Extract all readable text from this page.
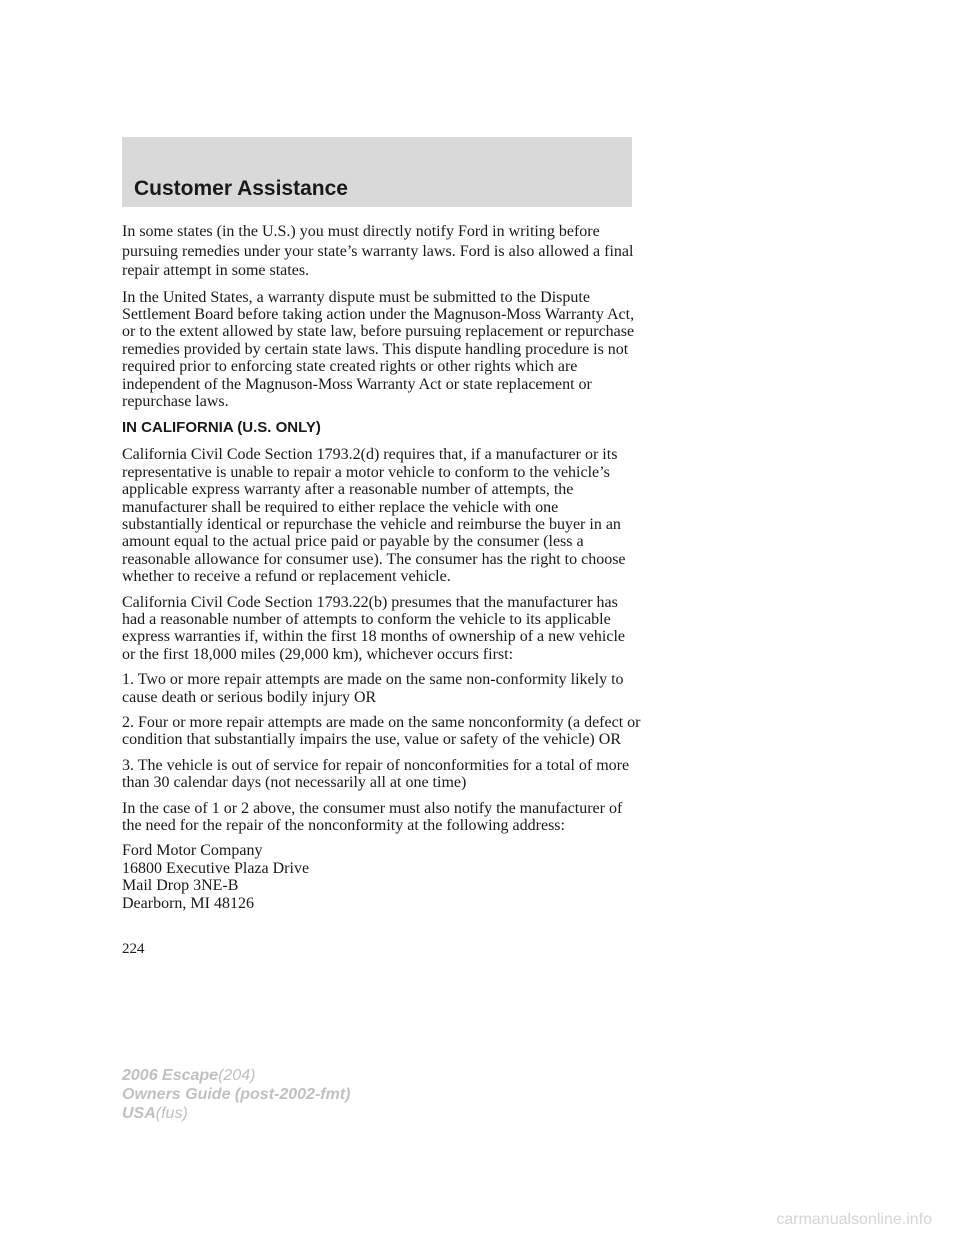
Customer Assistance

In some states (in the U.S.) you must directly notify Ford in writing before pursuing remedies under your state’s warranty laws. Ford is also allowed a final repair attempt in some states.

In the United States, a warranty dispute must be submitted to the Dispute Settlement Board before taking action under the Magnuson-Moss Warranty Act, or to the extent allowed by state law, before pursuing replacement or repurchase remedies provided by certain state laws. This dispute handling procedure is not required prior to enforcing state created rights or other rights which are independent of the Magnuson-Moss Warranty Act or state replacement or repurchase laws.

IN CALIFORNIA (U.S. ONLY)

California Civil Code Section 1793.2(d) requires that, if a manufacturer or its representative is unable to repair a motor vehicle to conform to the vehicle’s applicable express warranty after a reasonable number of attempts, the manufacturer shall be required to either replace the vehicle with one substantially identical or repurchase the vehicle and reimburse the buyer in an amount equal to the actual price paid or payable by the consumer (less a reasonable allowance for consumer use). The consumer has the right to choose whether to receive a refund or replacement vehicle.

California Civil Code Section 1793.22(b) presumes that the manufacturer has had a reasonable number of attempts to conform the vehicle to its applicable express warranties if, within the first 18 months of ownership of a new vehicle or the first 18,000 miles (29,000 km), whichever occurs first:

1. Two or more repair attempts are made on the same non-conformity likely to cause death or serious bodily injury OR

2. Four or more repair attempts are made on the same nonconformity (a defect or condition that substantially impairs the use, value or safety of the vehicle) OR

3. The vehicle is out of service for repair of nonconformities for a total of more than 30 calendar days (not necessarily all at one time)

In the case of 1 or 2 above, the consumer must also notify the manufacturer of the need for the repair of the nonconformity at the following address:

Ford Motor Company
16800 Executive Plaza Drive
Mail Drop 3NE-B
Dearborn, MI 48126
224
2006 Escape(204)
Owners Guide (post-2002-fmt)
USA(fus)
carmanualsonline.info
